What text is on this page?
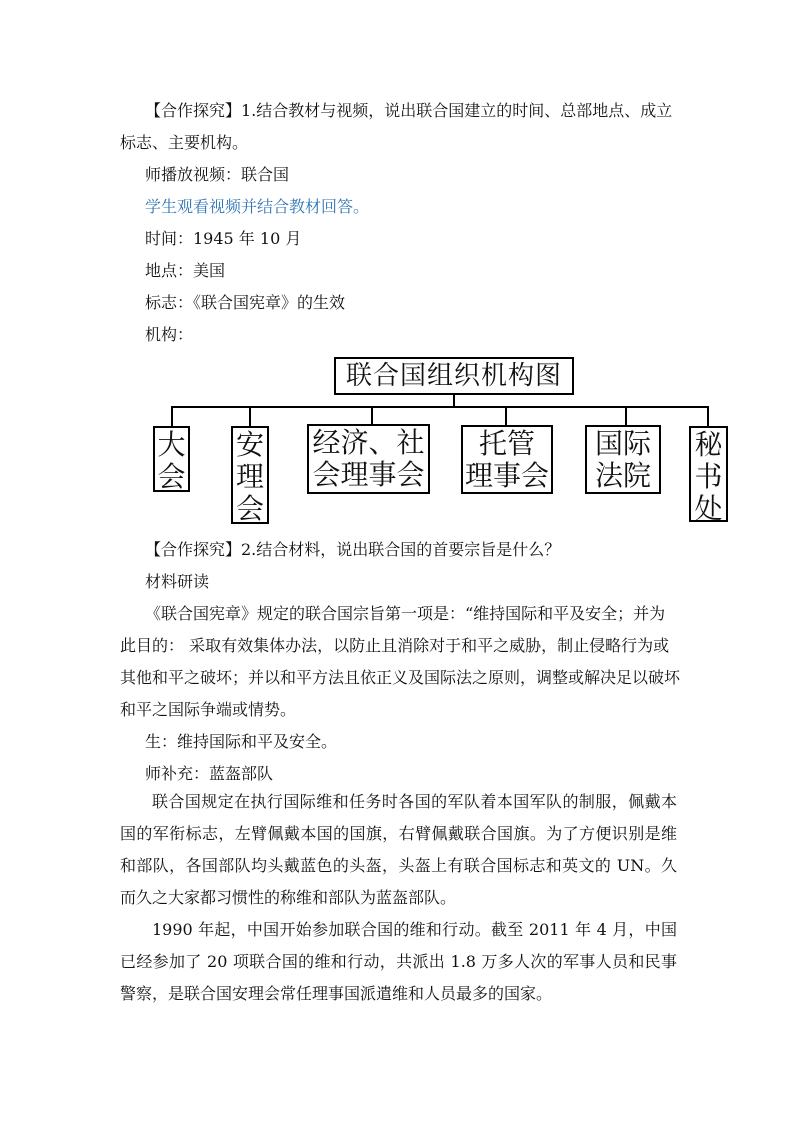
【合作探究】1.结合教材与视频，说出联合国建立的时间、总部地点、成立
标志、主要机构。
师播放视频：联合国
学生观看视频并结合教材回答。
时间：1945 年 10 月
地点：美国
标志：《联合国宪章》的生效
机构：
联合国组织机构图
大
会
安
理
会
经济、社
会理事会
托管
理事会
国际
法院
秘
书
处
【合作探究】2.结合材料，说出联合国的首要宗旨是什么？
材料研读
《联合国宪章》规定的联合国宗旨第一项是：“维持国际和平及安全；并为
此目的： 采取有效集体办法，以防止且消除对于和平之威胁，制止侵略行为或
其他和平之破坏；并以和平方法且依正义及国际法之原则，调整或解决足以破坏
和平之国际争端或情势。
生：维持国际和平及安全。
师补充：蓝盔部队
联合国规定在执行国际维和任务时各国的军队着本国军队的制服，佩戴本国的军衔标志，左臂佩戴本国的国旗，右臂佩戴联合国旗。为了方便识别是维和部队，各国部队均头戴蓝色的头盔，头盔上有联合国标志和英文的 UN。久而久之大家都习惯性的称维和部队为蓝盔部队。
1990 年起，中国开始参加联合国的维和行动。截至 2011 年 4 月，中国已经参加了 20 项联合国的维和行动，共派出 1.8 万多人次的军事人员和民事警察，是联合国安理会常任理事国派遣维和人员最多的国家。
